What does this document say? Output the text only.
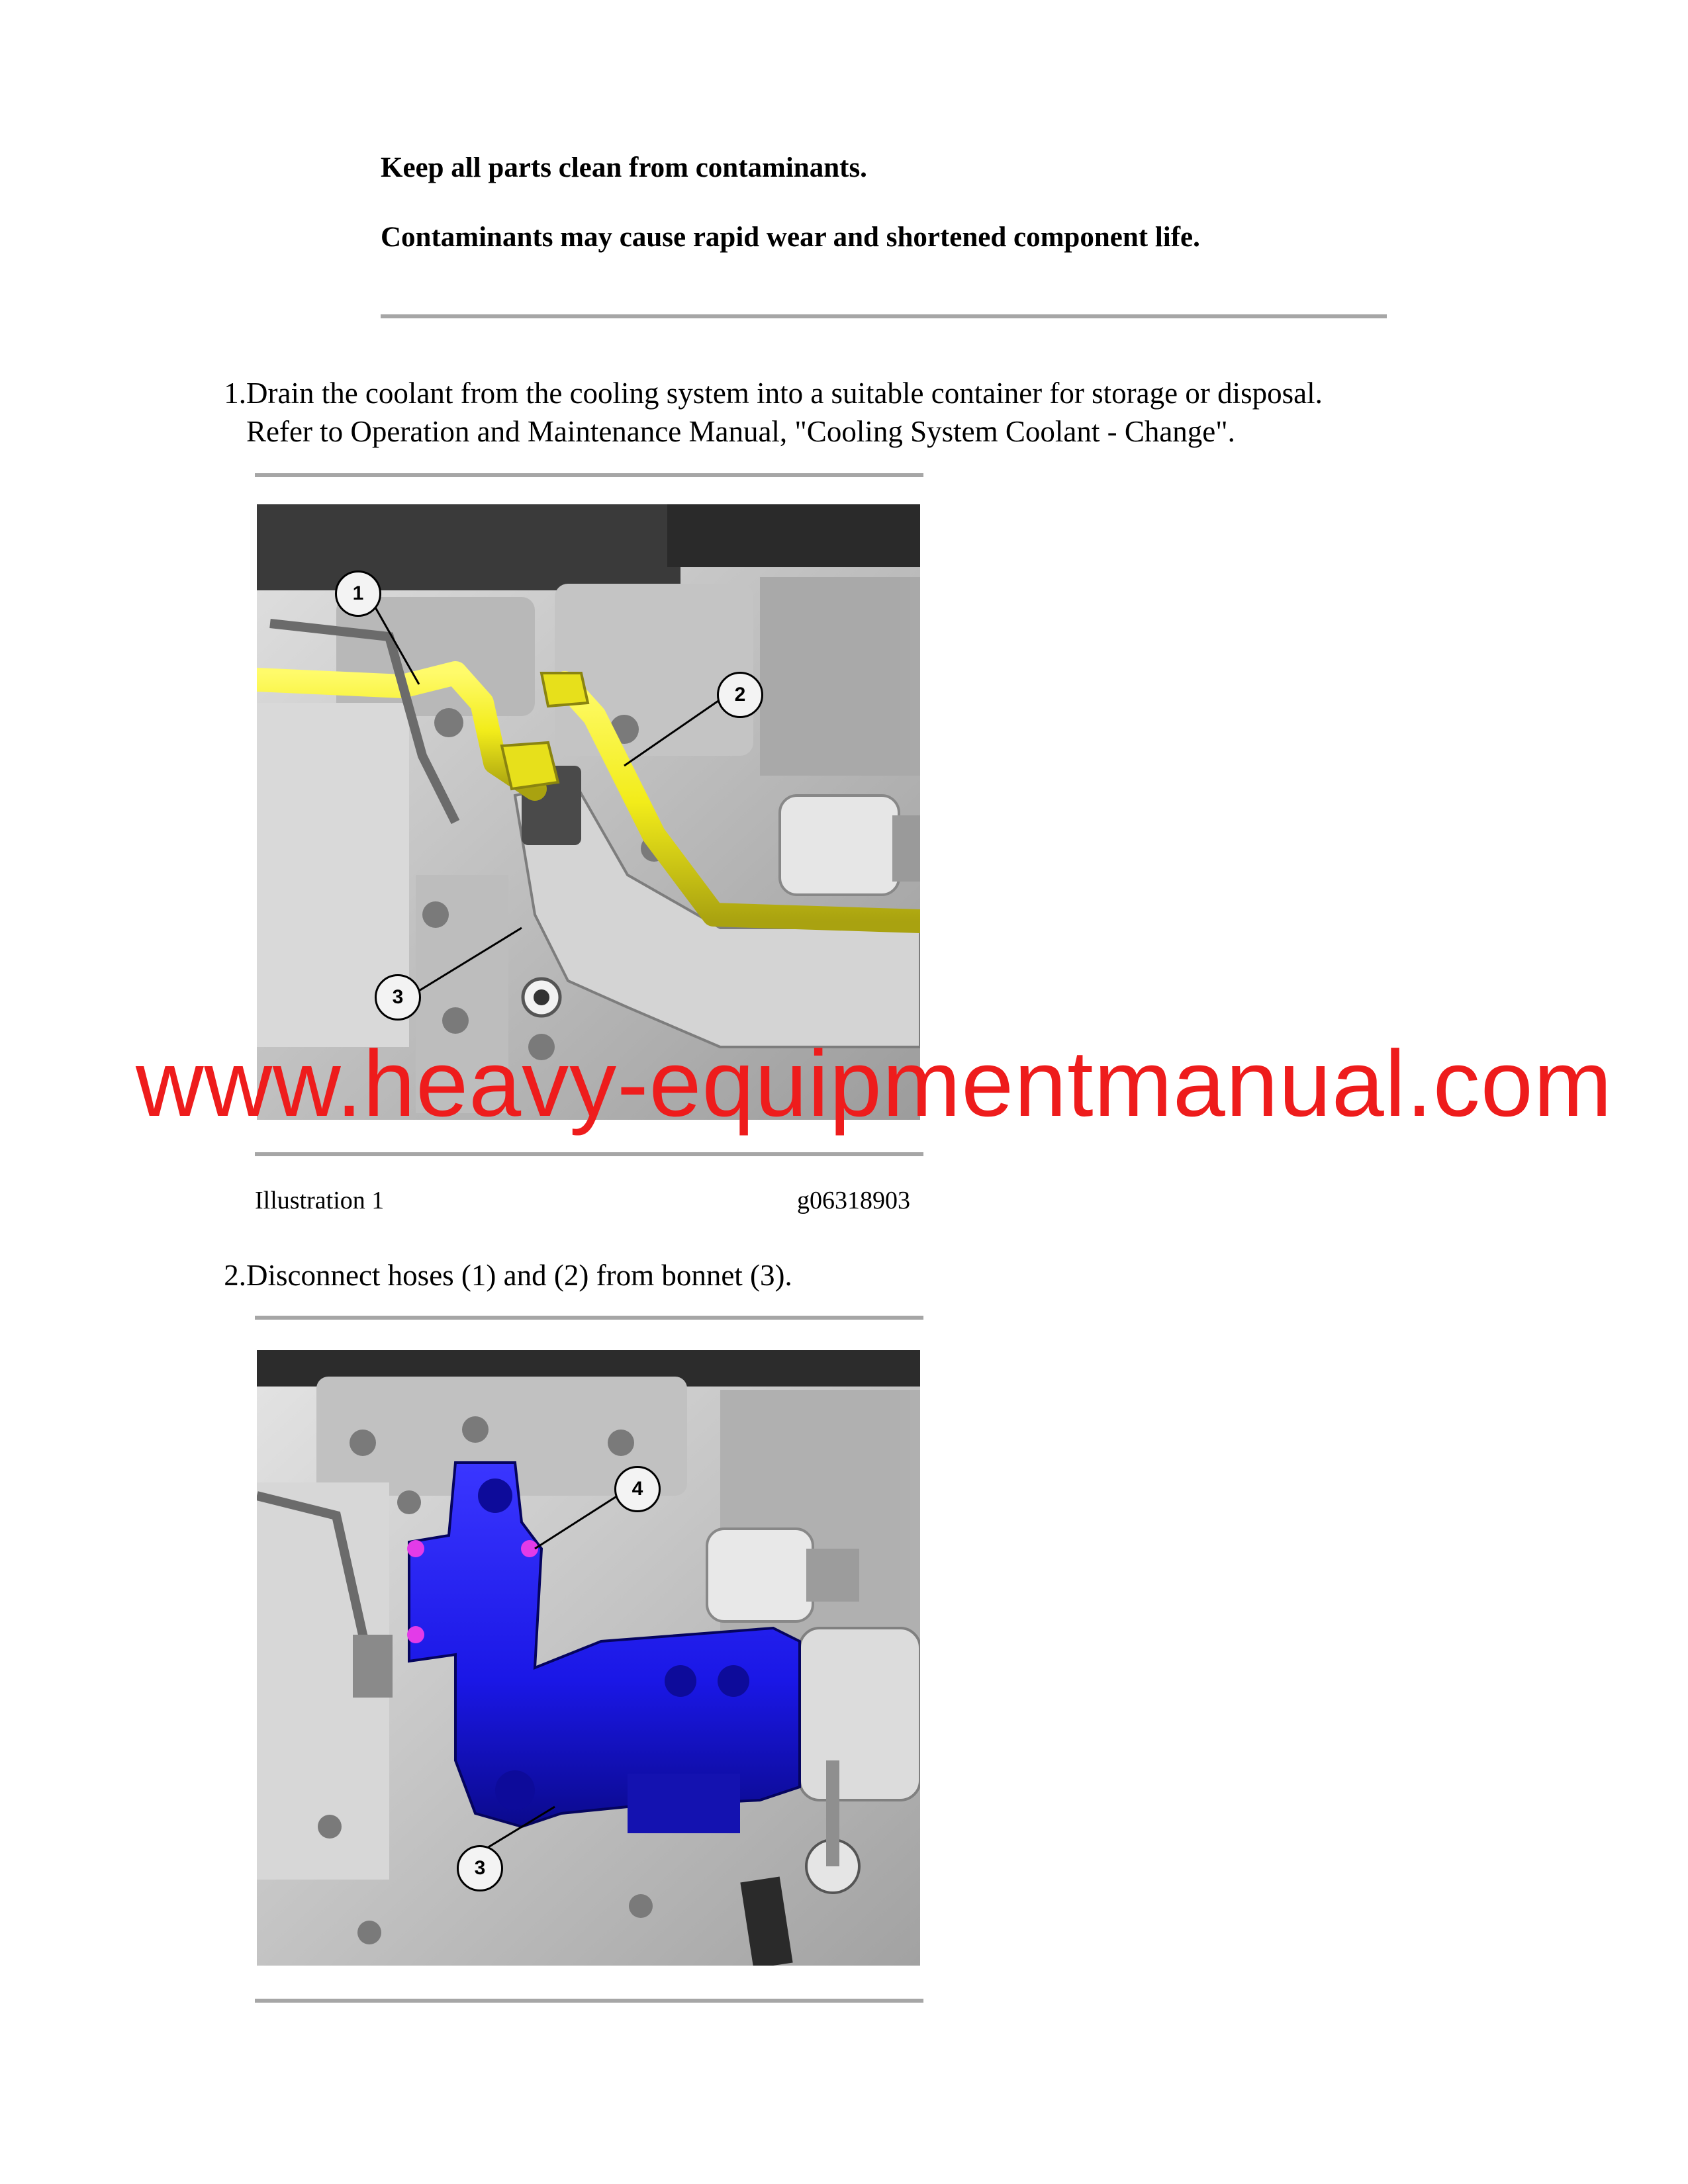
Keep all parts clean from contaminants.
Contaminants may cause rapid wear and shortened component life.
1. Drain the coolant from the cooling system into a suitable container for storage or disposal.
Refer to Operation and Maintenance Manual, "Cooling System Coolant - Change".
1
2
3
Illustration 1	g06318903
2. Disconnect hoses (1) and (2) from bonnet (3).
4
3
www.heavy-equipmentmanual.com
